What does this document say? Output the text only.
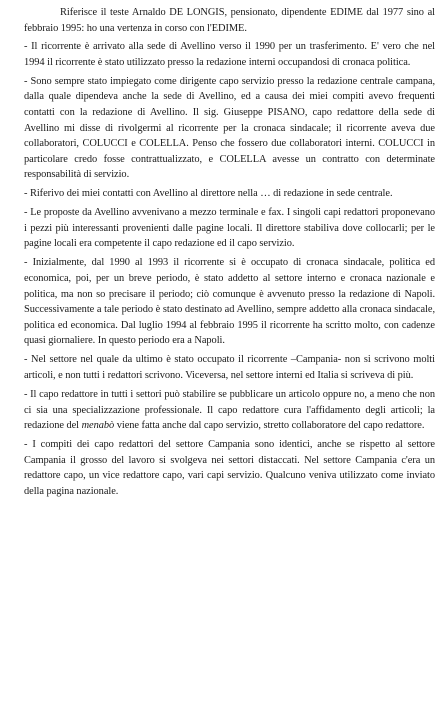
Riferisce il teste Arnaldo DE LONGIS, pensionato, dipendente EDIME dal 1977 sino al febbraio 1995: ho una vertenza in corso con l'EDIME.

- Il ricorrente è arrivato alla sede di Avellino verso il 1990 per un trasferimento. E' vero che nel 1994 il ricorrente è stato utilizzato presso la redazione interni occupandosi di cronaca politica.

- Sono sempre stato impiegato come dirigente capo servizio presso la redazione centrale campana, dalla quale dipendeva anche la sede di Avellino, ed a causa dei miei compiti avevo frequenti contatti con la redazione di Avellino. Il sig. Giuseppe PISANO, capo redattore della sede di Avellino mi disse di rivolgermi al ricorrente per la cronaca sindacale; il ricorrente aveva due collaboratori, COLUCCI e COLELLA. Penso che fossero due collaboratori interni. COLUCCI in particolare credo fosse contrattualizzato, e COLELLA avesse un contratto con determinate responsabilità di servizio.

- Riferivo dei miei contatti con Avellino al direttore nella … di redazione in sede centrale.

- Le proposte da Avellino avvenivano a mezzo terminale e fax. I singoli capi redattori proponevano i pezzi più interessanti provenienti dalle pagine locali. Il direttore stabiliva dove collocarli; per le pagine locali era competente il capo redazione ed il capo servizio.

- Inizialmente, dal 1990 al 1993 il ricorrente si è occupato di cronaca sindacale, politica ed economica, poi, per un breve periodo, è stato addetto al settore interno e cronaca nazionale e politica, ma non so precisare il periodo; ciò comunque è avvenuto presso la redazione di Napoli. Successivamente a tale periodo è stato destinato ad Avellino, sempre addetto alla cronaca sindacale, politica ed economica. Dal luglio 1994 al febbraio 1995 il ricorrente ha scritto molto, con cadenze quasi giornaliere. In questo periodo era a Napoli.

- Nel settore nel quale da ultimo è stato occupato il ricorrente –Campania- non si scrivono molti articoli, e non tutti i redattori scrivono. Viceversa, nel settore interni ed Italia si scriveva di più.

- Il capo redattore in tutti i settori può stabilire se pubblicare un articolo oppure no, a meno che non ci sia una specializzazione professionale. Il capo redattore cura l'affidamento degli articoli; la redazione del menabò viene fatta anche dal capo servizio, stretto collaboratore del capo redattore.

- I compiti dei capo redattori del settore Campania sono identici, anche se rispetto al settore Campania il grosso del lavoro si svolgeva nei settori distaccati. Nel settore Campania c'era un redattore capo, un vice redattore capo, vari capi servizio. Qualcuno veniva utilizzato come inviato della pagina nazionale.
